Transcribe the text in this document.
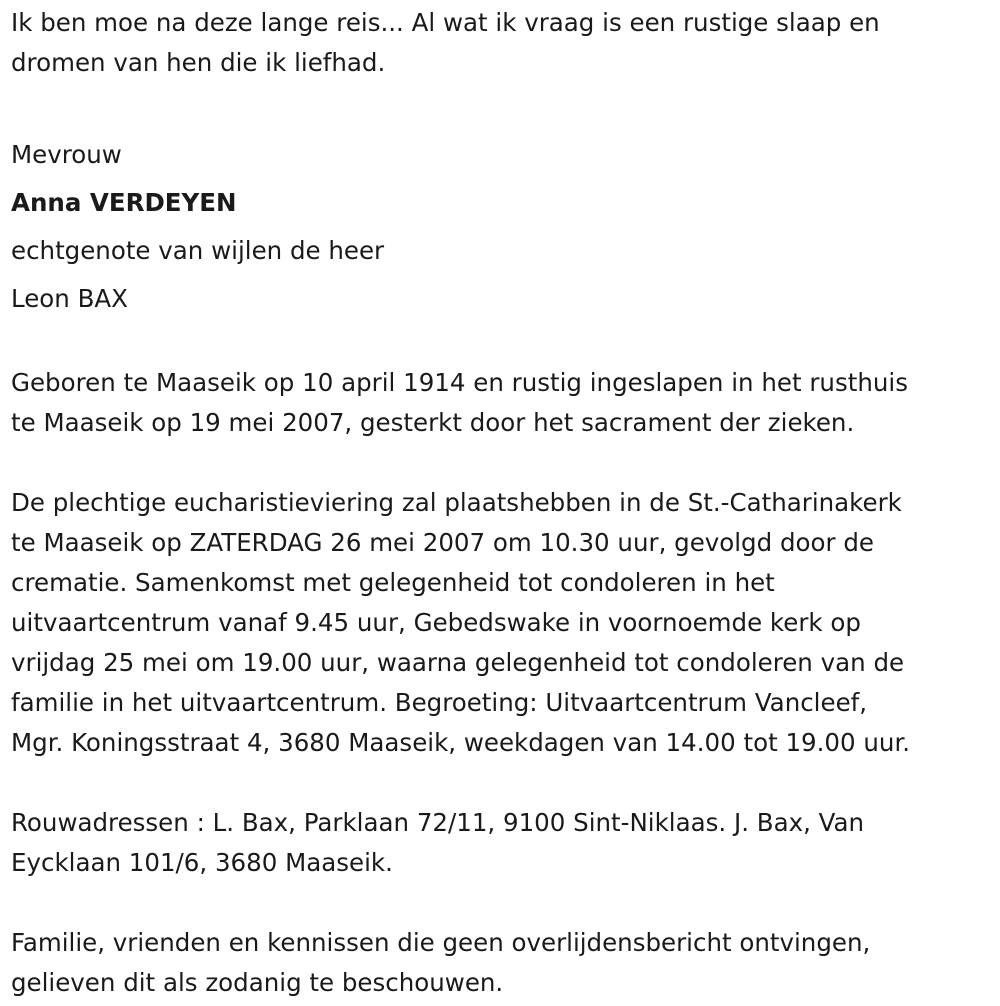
Ik ben moe na deze lange reis... Al wat ik vraag is een rustige slaap en

dromen van hen die ik liefhad.

Mevrouw

Anna VERDEYEN

echtgenote van wijlen de heer

Leon BAX

Geboren te Maaseik op 10 april 1914 en rustig ingeslapen in het rusthuis

te Maaseik op 19 mei 2007, gesterkt door het sacrament der zieken.

De plechtige eucharistieviering zal plaatshebben in de St.-Catharinakerk

te Maaseik op ZATERDAG 26 mei 2007 om 10.30 uur, gevolgd door de

crematie. Samenkomst met gelegenheid tot condoleren in het

uitvaartcentrum vanaf 9.45 uur, Gebedswake in voornoemde kerk op

vrijdag 25 mei om 19.00 uur, waarna gelegenheid tot condoleren van de

familie in het uitvaartcentrum. Begroeting: Uitvaartcentrum Vancleef,

Mgr. Koningsstraat 4, 3680 Maaseik, weekdagen van 14.00 tot 19.00 uur.

Rouwadressen : L. Bax, Parklaan 72/11, 9100 Sint-Niklaas. J. Bax, Van

Eycklaan 101/6, 3680 Maaseik.

Familie, vrienden en kennissen die geen overlijdensbericht ontvingen,

gelieven dit als zodanig te beschouwen.
